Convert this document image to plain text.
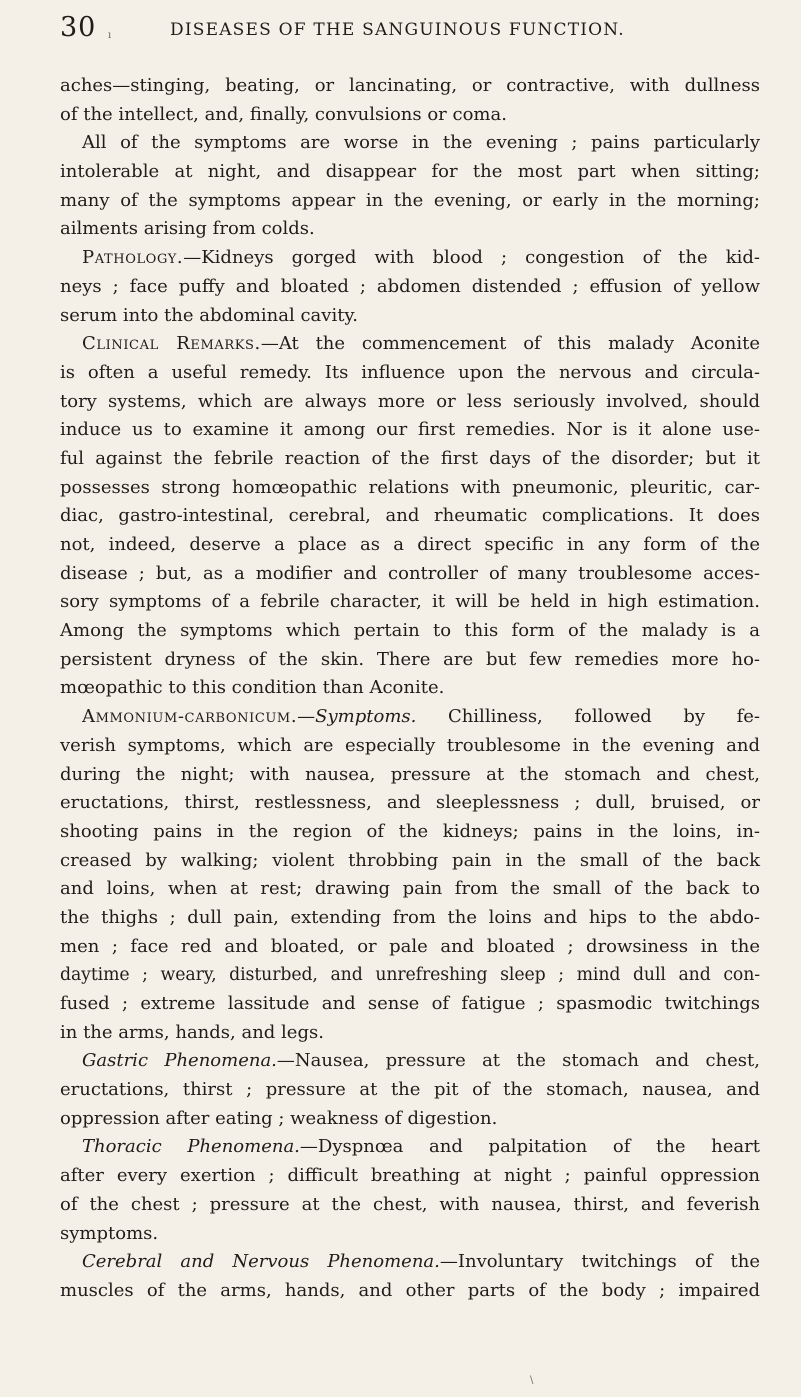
30	DISEASES OF THE SANGUINOUS FUNCTION.
aches—stinging, beating, or lancinating, or contractive, with dullness
of the intellect, and, finally, convulsions or coma.
All of the symptoms are worse in the evening ; pains particularly
intolerable at night, and disappear for the most part when sitting;
many of the symptoms appear in the evening, or early in the morning;
ailments arising from colds.
Pathology.—Kidneys gorged with blood ; congestion of the kid-
neys ; face puffy and bloated ; abdomen distended ; effusion of yellow
serum into the abdominal cavity.
Clinical Remarks.—At the commencement of this malady Aconite
is often a useful remedy. Its influence upon the nervous and circula-
tory systems, which are always more or less seriously involved, should
induce us to examine it among our first remedies. Nor is it alone use-
ful against the febrile reaction of the first days of the disorder; but it
possesses strong homœopathic relations with pneumonic, pleuritic, car-
diac, gastro-intestinal, cerebral, and rheumatic complications. It does
not, indeed, deserve a place as a direct specific in any form of the
disease ; but, as a modifier and controller of many troublesome acces-
sory symptoms of a febrile character, it will be held in high estimation.
Among the symptoms which pertain to this form of the malady is a
persistent dryness of the skin. There are but few remedies more ho-
mœopathic to this condition than Aconite.
Ammonium-carbonicum.—Symptoms. Chilliness, followed by fe-
verish symptoms, which are especially troublesome in the evening and
during the night; with nausea, pressure at the stomach and chest,
eructations, thirst, restlessness, and sleeplessness ; dull, bruised, or
shooting pains in the region of the kidneys; pains in the loins, in-
creased by walking; violent throbbing pain in the small of the back
and loins, when at rest; drawing pain from the small of the back to
the thighs ; dull pain, extending from the loins and hips to the abdo-
men ; face red and bloated, or pale and bloated ; drowsiness in the
daytime ; weary, disturbed, and unrefreshing sleep ; mind dull and con-
fused ; extreme lassitude and sense of fatigue ; spasmodic twitchings
in the arms, hands, and legs.
Gastric Phenomena.—Nausea, pressure at the stomach and chest,
eructations, thirst ; pressure at the pit of the stomach, nausea, and
oppression after eating ; weakness of digestion.
Thoracic Phenomena.—Dyspnœa and palpitation of the heart
after every exertion ; difficult breathing at night ; painful oppression
of the chest ; pressure at the chest, with nausea, thirst, and feverish
symptoms.
Cerebral and Nervous Phenomena.—Involuntary twitchings of the
muscles of the arms, hands, and other parts of the body ; impaired
ı
\
